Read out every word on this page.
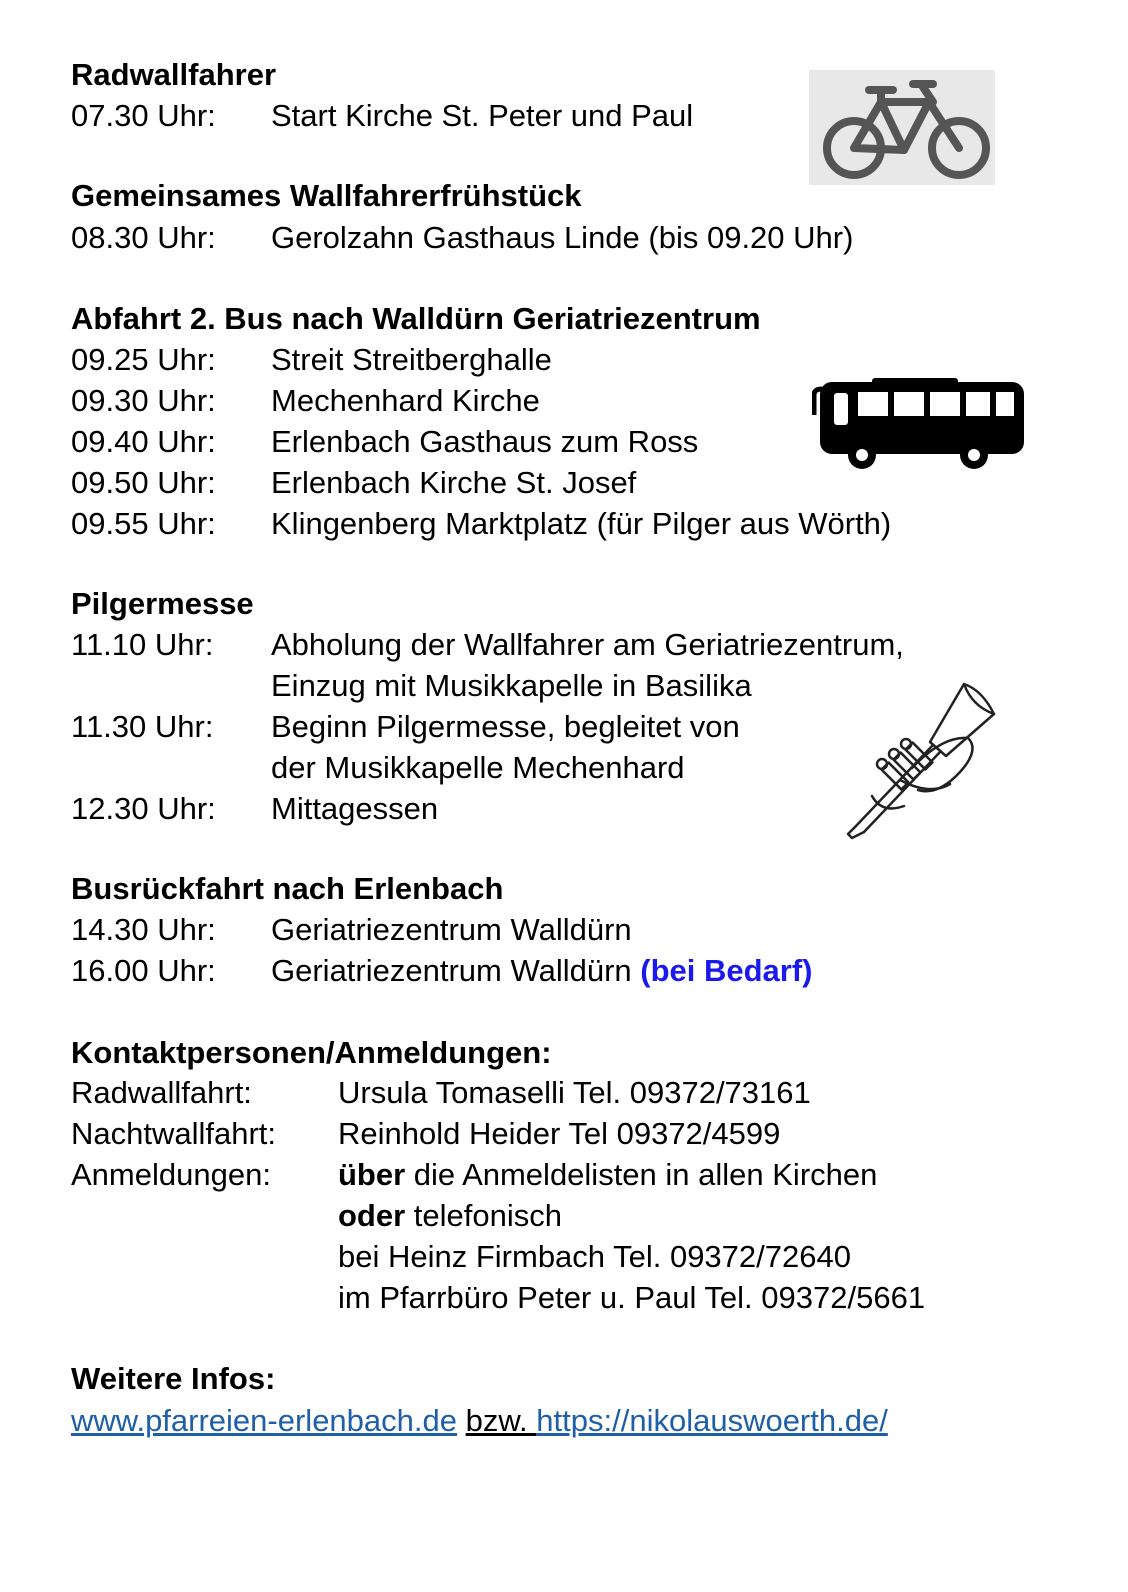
Radwallfahrer
07.30 Uhr: Start Kirche St. Peter und Paul
Gemeinsames Wallfahrerfrühstück
08.30 Uhr: Gerolzahn Gasthaus Linde (bis 09.20 Uhr)
Abfahrt 2. Bus nach Walldürn Geriatriezentrum
09.25 Uhr: Streit Streitberghalle
09.30 Uhr: Mechenhard Kirche
09.40 Uhr: Erlenbach Gasthaus zum Ross
09.50 Uhr: Erlenbach Kirche St. Josef
09.55 Uhr: Klingenberg Marktplatz (für Pilger aus Wörth)
Pilgermesse
11.10 Uhr: Abholung der Wallfahrer am Geriatriezentrum,
Einzug mit Musikkapelle in Basilika
11.30 Uhr: Beginn Pilgermesse, begleitet von
der Musikkapelle Mechenhard
12.30 Uhr: Mittagessen
Busrückfahrt nach Erlenbach
14.30 Uhr: Geriatriezentrum Walldürn
16.00 Uhr: Geriatriezentrum Walldürn (bei Bedarf)
Kontaktpersonen/Anmeldungen:
Radwallfahrt:	Ursula Tomaselli Tel. 09372/73161
Nachtwallfahrt: Reinhold Heider Tel 09372/4599
Anmeldungen: über die Anmeldelisten in allen Kirchen
oder telefonisch
bei Heinz Firmbach Tel. 09372/72640
im Pfarrbüro Peter u. Paul Tel. 09372/5661
Weitere Infos:
www.pfarreien-erlenbach.de bzw. https://nikolauswoerth.de/
